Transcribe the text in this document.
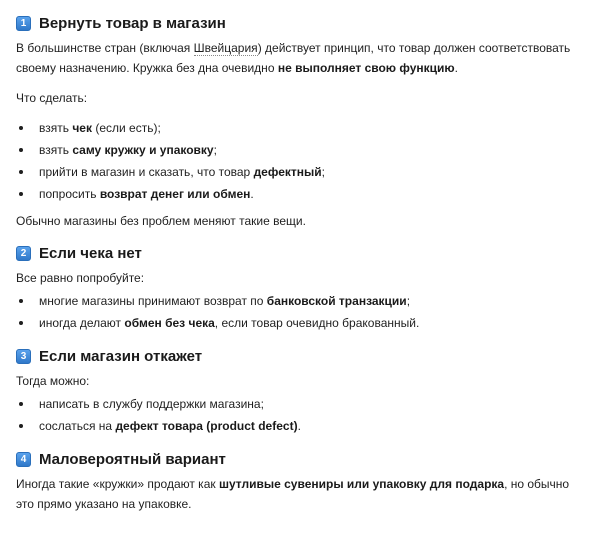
1 Вернуть товар в магазин

В большинстве стран (включая Швейцария) действует принцип, что товар должен соответствовать своему назначению. Кружка без дна очевидно не выполняет свою функцию.

Что сделать:

взять чек (если есть);
взять саму кружку и упаковку;
прийти в магазин и сказать, что товар дефектный;
попросить возврат денег или обмен.

Обычно магазины без проблем меняют такие вещи.

2 Если чека нет

Все равно попробуйте:

многие магазины принимают возврат по банковской транзакции;
иногда делают обмен без чека, если товар очевидно бракованный.
3 Если магазин откажет

Тогда можно:

написать в службу поддержки магазина;
сослаться на дефект товара (product defect).
4 Маловероятный вариант

Иногда такие «кружки» продают как шутливые сувениры или упаковку для подарка, но обычно это прямо указано на упаковке.
